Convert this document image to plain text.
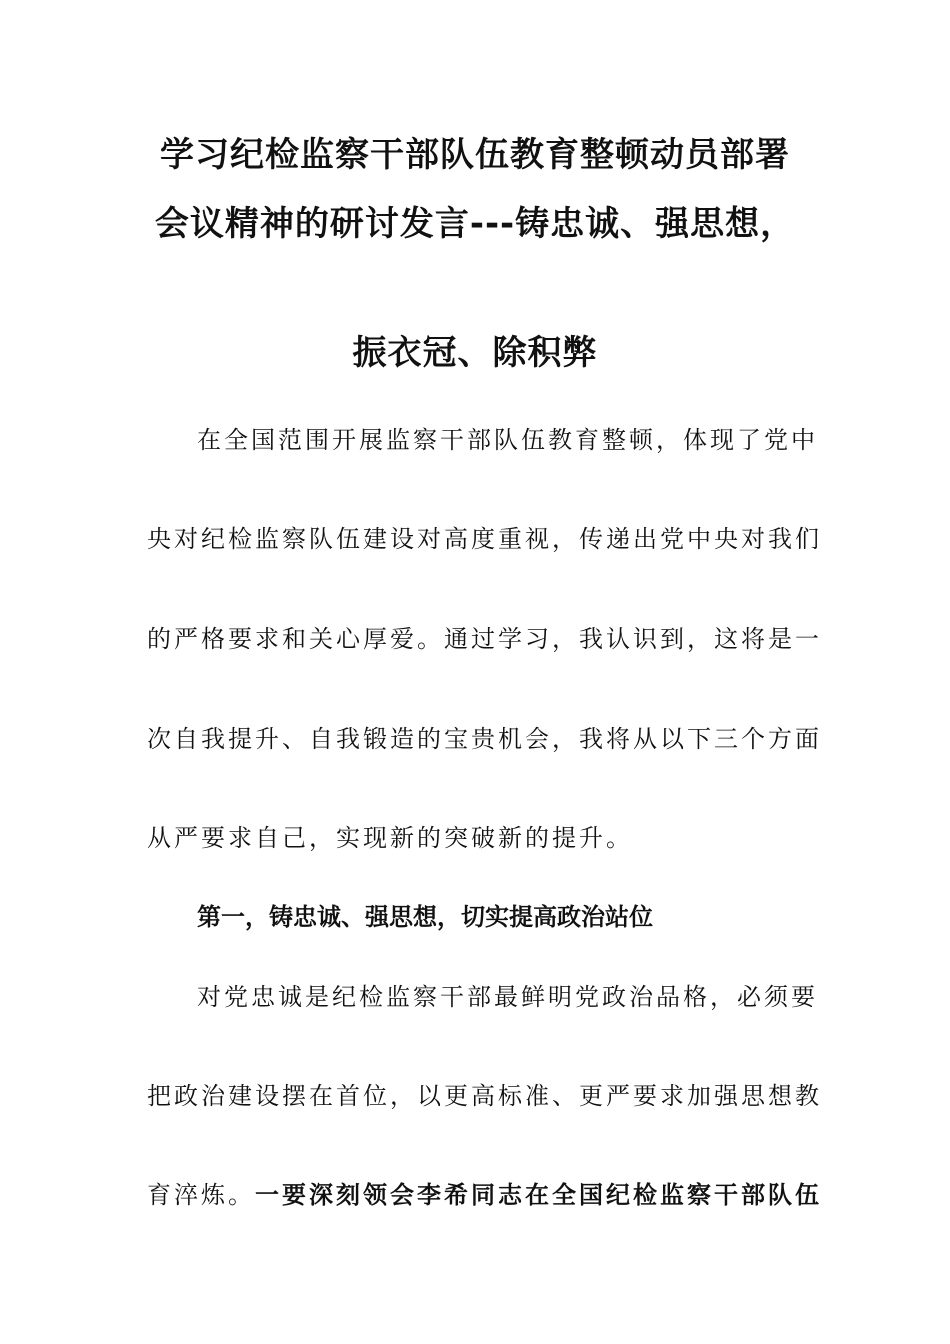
学习纪检监察干部队伍教育整顿动员部署
会议精神的研讨发言---铸忠诚、强思想，
振衣冠、除积弊
在全国范围开展监察干部队伍教育整顿，体现了党中
央对纪检监察队伍建设对高度重视，传递出党中央对我们
的严格要求和关心厚爱。通过学习，我认识到，这将是一
次自我提升、自我锻造的宝贵机会，我将从以下三个方面
从严要求自己，实现新的突破新的提升。
第一，铸忠诚、强思想，切实提高政治站位
对党忠诚是纪检监察干部最鲜明党政治品格，必须要
把政治建设摆在首位，以更高标准、更严要求加强思想教
育淬炼。一要深刻领会李希同志在全国纪检监察干部队伍
